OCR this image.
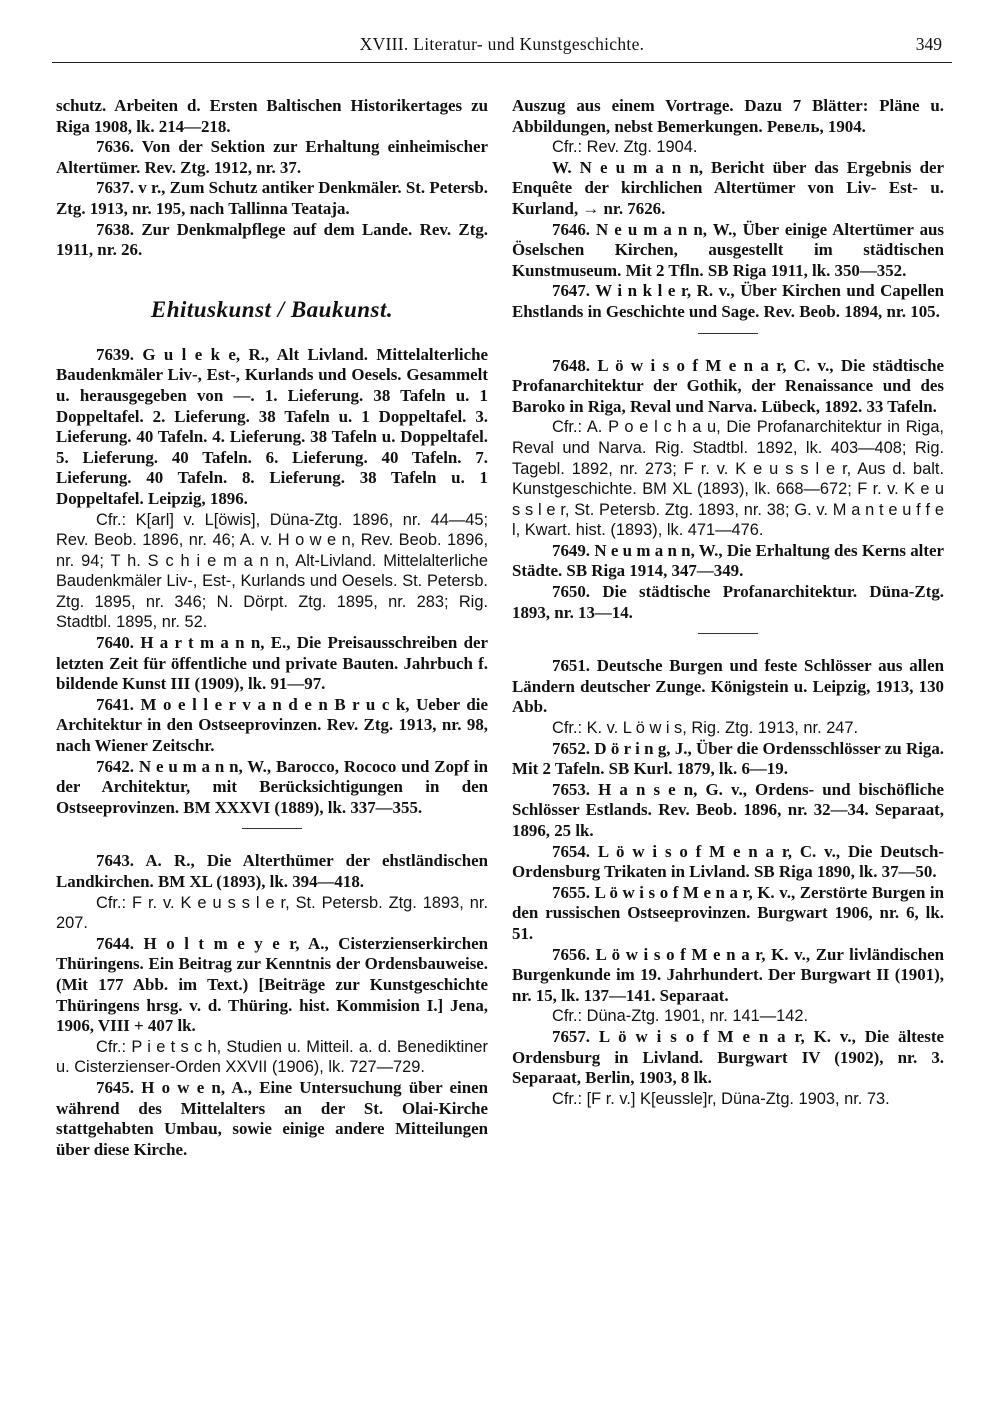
XVIII. Literatur- und Kunstgeschichte.	349

schutz. Arbeiten d. Ersten Baltischen Historikertages zu Riga 1908, lk. 214—218.

7636. Von der Sektion zur Erhaltung einheimischer Altertümer. Rev. Ztg. 1912, nr. 37.

7637. v r., Zum Schutz antiker Denkmäler. St. Petersb. Ztg. 1913, nr. 195, nach Tallinna Teataja.

7638. Zur Denkmalpflege auf dem Lande. Rev. Ztg. 1911, nr. 26.

Ehituskunst / Baukunst.

7639. G u l e k e, R., Alt Livland. Mittelalterliche Baudenkmäler Liv-, Est-, Kurlands und Oesels. Gesammelt u. herausgegeben von —. 1. Lieferung. 38 Tafeln u. 1 Doppeltafel. 2. Lieferung. 38 Tafeln u. 1 Doppeltafel. 3. Lieferung. 40 Tafeln. 4. Lieferung. 38 Tafeln u. Doppeltafel. 5. Lieferung. 40 Tafeln. 6. Lieferung. 40 Tafeln. 7. Lieferung. 40 Tafeln. 8. Lieferung. 38 Tafeln u. 1 Doppeltafel. Leipzig, 1896.

Cfr.: K[arl] v. L[öwis], Düna-Ztg. 1896, nr. 44—45; Rev. Beob. 1896, nr. 46; A. v. H o w e n, Rev. Beob. 1896, nr. 94; T h. S c h i e m a n n, Alt-Livland. Mittelalterliche Baudenkmäler Liv-, Est-, Kurlands und Oesels. St. Petersb. Ztg. 1895, nr. 346; N. Dörpt. Ztg. 1895, nr. 283; Rig. Stadtbl. 1895, nr. 52.

7640. H a r t m a n n, E., Die Preisausschreiben der letzten Zeit für öffentliche und private Bauten. Jahrbuch f. bildende Kunst III (1909), lk. 91—97.

7641. M o e l l e r v a n d e n B r u c k, Ueber die Architektur in den Ostseeprovinzen. Rev. Ztg. 1913, nr. 98, nach Wiener Zeitschr.

7642. N e u m a n n, W., Barocco, Rococo und Zopf in der Architektur, mit Berücksichtigungen in den Ostseeprovinzen. BM XXXVI (1889), lk. 337—355.

7643. A. R., Die Alterthümer der ehstländischen Landkirchen. BM XL (1893), lk. 394—418.

Cfr.: F r. v. K e u s s l e r, St. Petersb. Ztg. 1893, nr. 207.

7644. H o l t m e y e r, A., Cisterzienserkirchen Thüringens. Ein Beitrag zur Kenntnis der Ordensbauweise. (Mit 177 Abb. im Text.) [Beiträge zur Kunstgeschichte Thüringens hrsg. v. d. Thüring. hist. Kommision I.] Jena, 1906, VIII + 407 lk.

Cfr.: P i e t s c h, Studien u. Mitteil. a. d. Benediktiner u. Cisterzienser-Orden XXVII (1906), lk. 727—729.

7645. H o w e n, A., Eine Untersuchung über einen während des Mittelalters an der St. Olai-Kirche stattgehabten Umbau, sowie einige andere Mitteilungen über diese Kirche.

Auszug aus einem Vortrage. Dazu 7 Blätter: Pläne u. Abbildungen, nebst Bemerkungen. Ревель, 1904.

Cfr.: Rev. Ztg. 1904.

W. N e u m a n n, Bericht über das Ergebnis der Enquête der kirchlichen Altertümer von Liv- Est- u. Kurland, → nr. 7626.

7646. N e u m a n n, W., Über einige Altertümer aus Öselschen Kirchen, ausgestellt im städtischen Kunstmuseum. Mit 2 Tfln. SB Riga 1911, lk. 350—352.

7647. W i n k l e r, R. v., Über Kirchen und Capellen Ehstlands in Geschichte und Sage. Rev. Beob. 1894, nr. 105.

7648. L ö w i s o f M e n a r, C. v., Die städtische Profanarchitektur der Gothik, der Renaissance und des Baroko in Riga, Reval und Narva. Lübeck, 1892. 33 Tafeln.

Cfr.: A. P o e l c h a u, Die Profanarchitektur in Riga, Reval und Narva. Rig. Stadtbl. 1892, lk. 403—408; Rig. Tagebl. 1892, nr. 273; F r. v. K e u s s l e r, Aus d. balt. Kunstgeschichte. BM XL (1893), lk. 668—672; F r. v. K e u s s l e r, St. Petersb. Ztg. 1893, nr. 38; G. v. M a n t e u f f e l, Kwart. hist. (1893), lk. 471—476.

7649. N e u m a n n, W., Die Erhaltung des Kerns alter Städte. SB Riga 1914, 347—349.

7650. Die städtische Profanarchitektur. Düna-Ztg. 1893, nr. 13—14.

7651. Deutsche Burgen und feste Schlösser aus allen Ländern deutscher Zunge. Königstein u. Leipzig, 1913, 130 Abb.

Cfr.: K. v. L ö w i s, Rig. Ztg. 1913, nr. 247.

7652. D ö r i n g, J., Über die Ordensschlösser zu Riga. Mit 2 Tafeln. SB Kurl. 1879, lk. 6—19.

7653. H a n s e n, G. v., Ordens- und bischöfliche Schlösser Estlands. Rev. Beob. 1896, nr. 32—34. Separaat, 1896, 25 lk.

7654. L ö w i s o f M e n a r, C. v., Die Deutsch-Ordensburg Trikaten in Livland. SB Riga 1890, lk. 37—50.

7655. L ö w i s o f M e n a r, K. v., Zerstörte Burgen in den russischen Ostseeprovinzen. Burgwart 1906, nr. 6, lk. 51.

7656. L ö w i s o f M e n a r, K. v., Zur livländischen Burgenkunde im 19. Jahrhundert. Der Burgwart II (1901), nr. 15, lk. 137—141. Separaat.

Cfr.: Düna-Ztg. 1901, nr. 141—142.

7657. L ö w i s o f M e n a r, K. v., Die älteste Ordensburg in Livland. Burgwart IV (1902), nr. 3. Separaat, Berlin, 1903, 8 lk.

Cfr.: [F r. v.] K[eussle]r, Düna-Ztg. 1903, nr. 73.
